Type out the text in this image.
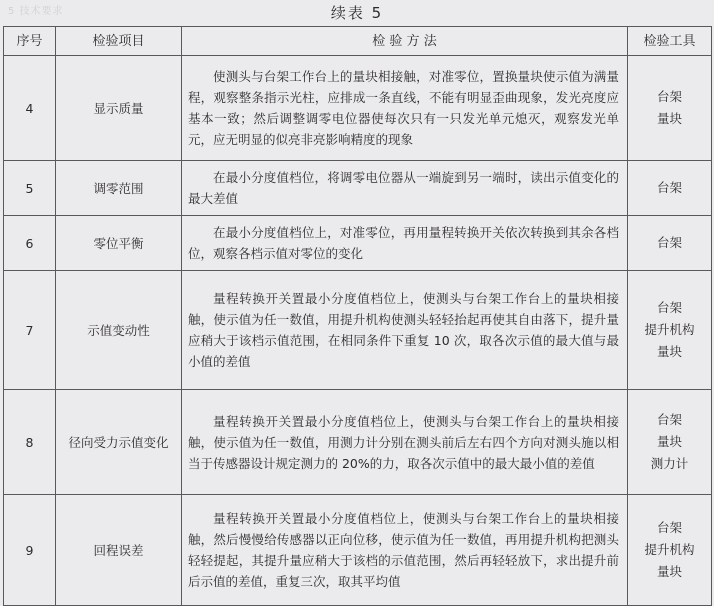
5 技术要求	续表 5
序号	检验项目	检 验 方 法	检验工具
4	显示质量	使测头与台架工作台上的量块相接触，对准零位，置换量块使示值为满量程，观察整条指示光柱，应排成一条直线，不能有明显歪曲现象，发光亮度应基本一致；然后调整调零电位器使每次只有一只发光单元熄灭，观察发光单元，应无明显的似亮非亮影响精度的现象	台架
量块

5	调零范围	在最小分度值档位，将调零电位器从一端旋到另一端时，读出示值变化的最大差值	台架

6	零位平衡	在最小分度值档位上，对准零位，再用量程转换开关依次转换到其余各档位，观察各档示值对零位的变化	台架

7	示值变动性	量程转换开关置最小分度值档位上，使测头与台架工作台上的量块相接触，使示值为任一数值，用提升机构使测头轻轻抬起再使其自由落下，提升量应稍大于该档示值范围，在相同条件下重复 10 次，取各次示值的最大值与最小值的差值	台架
提升机构
量块

8	径向受力示值变化	量程转换开关置最小分度值档位上，使测头与台架工作台上的量块相接触，使示值为任一数值，用测力计分别在测头前后左右四个方向对测头施以相当于传感器设计规定测力的 20%的力，取各次示值中的最大最小值的差值	台架
量块
测力计

9	回程误差	量程转换开关置最小分度值档位上，使测头与台架工作台上的量块相接触，然后慢慢给传感器以正向位移，使示值为任一数值，再用提升机构把测头轻轻提起，其提升量应稍大于该档的示值范围，然后再轻轻放下，求出提升前后示值的差值，重复三次，取其平均值	台架
提升机构
量块
